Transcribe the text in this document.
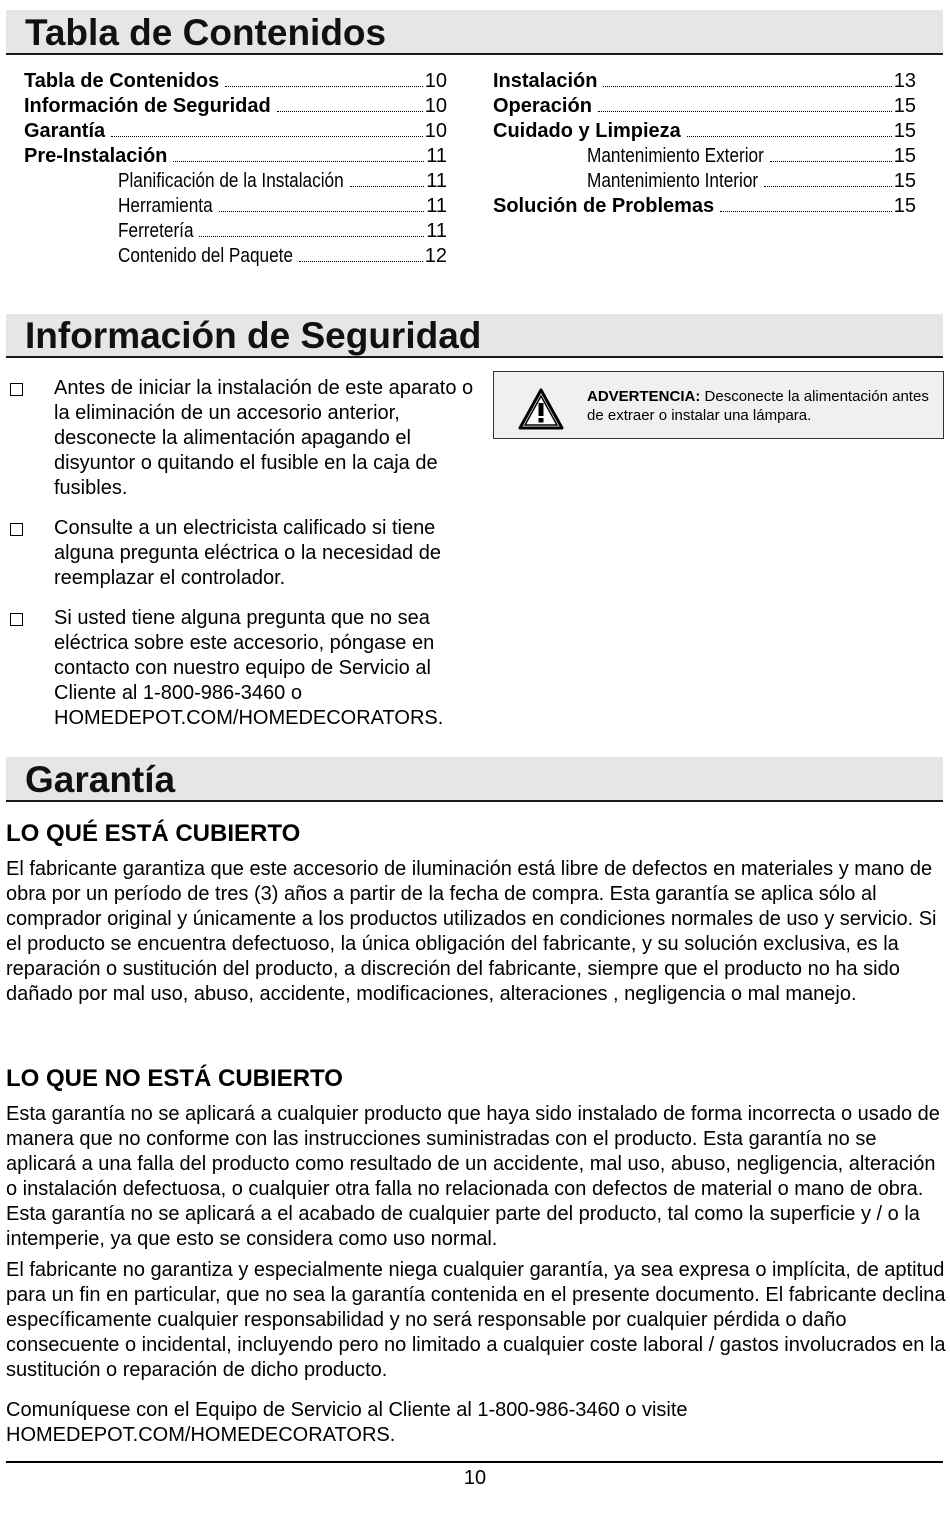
Tabla de Contenidos
Tabla de Contenidos	10
Información de Seguridad	10
Garantía	10
Pre-Instalación	11
Planificación de la Instalación	11
Herramienta	11
Ferretería	11
Contenido del Paquete	12
Instalación	13
Operación	15
Cuidado y Limpieza	15
Mantenimiento Exterior	15
Mantenimiento Interior	15
Solución de Problemas	15
Información de Seguridad
Antes de iniciar la instalación de este aparato o la eliminación de un accesorio anterior, desconecte la alimentación apagando el disyuntor o quitando el fusible en la caja de fusibles.
Consulte a un electricista calificado si tiene alguna pregunta eléctrica o la necesidad de reemplazar el controlador.
Si usted tiene alguna pregunta que no sea eléctrica sobre este accesorio, póngase en contacto con nuestro equipo de Servicio al Cliente al 1-800-986-3460 o HOMEDEPOT.COM/HOMEDECORATORS.
ADVERTENCIA: Desconecte la alimentación antes de extraer o instalar una lámpara.
Garantía
LO QUÉ ESTÁ CUBIERTO

El fabricante garantiza que este accesorio de iluminación está libre de defectos en materiales y mano de obra por un período de tres (3) años a partir de la fecha de compra. Esta garantía se aplica sólo al comprador original y únicamente a los productos utilizados en condiciones normales de uso y servicio. Si el producto se encuentra defectuoso, la única obligación del fabricante, y su solución exclusiva, es la reparación o sustitución del producto, a discreción del fabricante, siempre que el producto no ha sido dañado por mal uso, abuso, accidente, modificaciones, alteraciones , negligencia o mal manejo.

LO QUE NO ESTÁ CUBIERTO

Esta garantía no se aplicará a cualquier producto que haya sido instalado de forma incorrecta o usado de manera que no conforme con las instrucciones suministradas con el producto. Esta garantía no se aplicará a una falla del producto como resultado de un accidente, mal uso, abuso, negligencia, alteración o instalación defectuosa, o cualquier otra falla no relacionada con defectos de material o mano de obra. Esta garantía no se aplicará a el acabado de cualquier parte del producto, tal como la superficie y / o la intemperie, ya que esto se considera como uso normal.

El fabricante no garantiza y especialmente niega cualquier garantía, ya sea expresa o implícita, de aptitud para un fin en particular, que no sea la garantía contenida en el presente documento. El fabricante declina específicamente cualquier responsabilidad y no será responsable por cualquier pérdida o daño consecuente o incidental, incluyendo pero no limitado a cualquier coste laboral / gastos involucrados en la sustitución o reparación de dicho producto.

Comuníquese con el Equipo de Servicio al Cliente al 1-800-986-3460 o visite
HOMEDEPOT.COM/HOMEDECORATORS.

10
